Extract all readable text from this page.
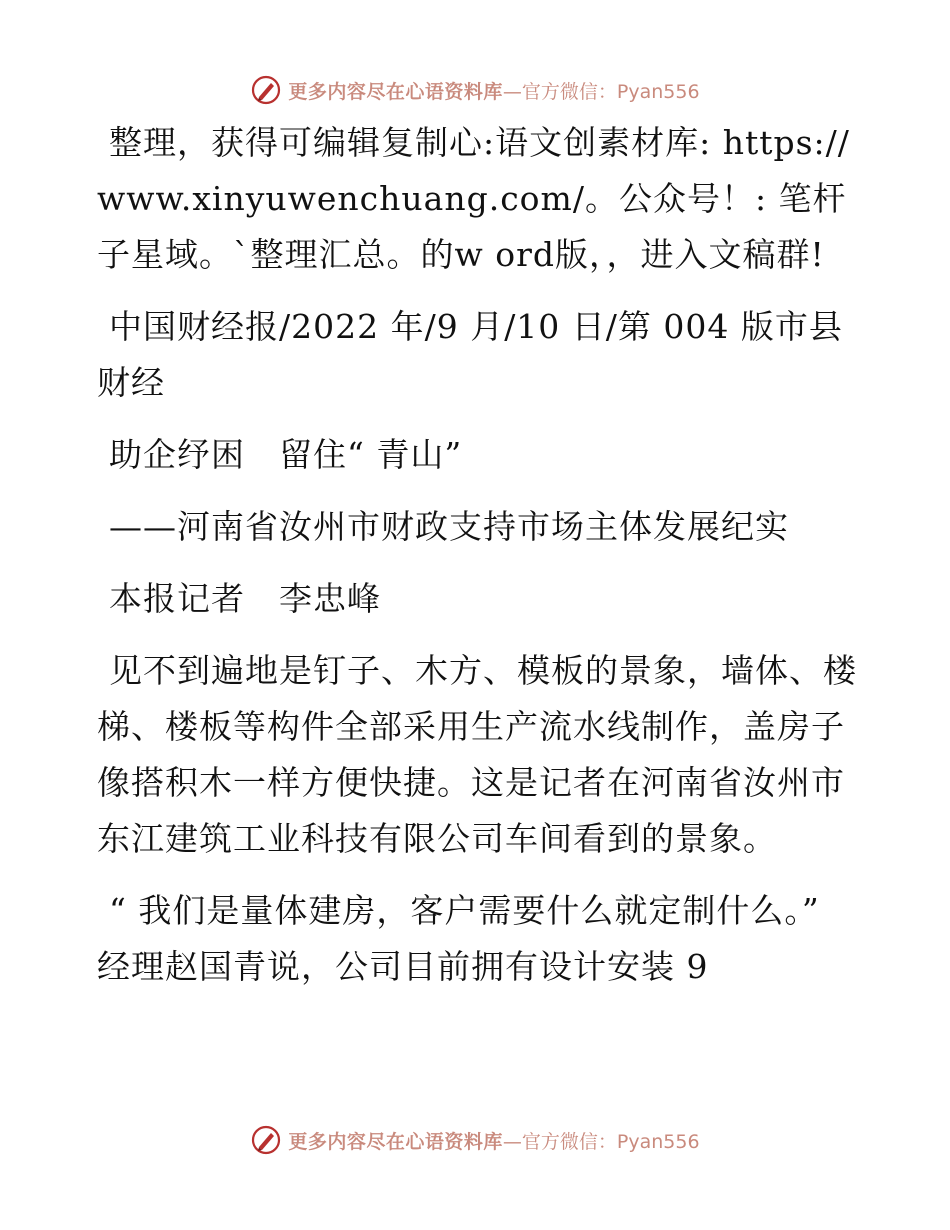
更多内容尽在心语资料库 —官方微信：Pyan556

整理，获得可编辑复制心:语文创素材库: https://www.xinyuwenchuang.com/。公众号！: 笔杆子星域。`整理汇总。的w ord版，，进入文稿群!

中国财经报/2022 年/9 月/10 日/第 004 版市县财经

助企纾困　留住“ 青山”

——河南省汝州市财政支持市场主体发展纪实

本报记者　李忠峰

见不到遍地是钉子、木方、模板的景象，墙体、楼梯、楼板等构件全部采用生产流水线制作，盖房子像搭积木一样方便快捷。这是记者在河南省汝州市东江建筑工业科技有限公司车间看到的景象。

“ 我们是量体建房，客户需要什么就定制什么。” 经理赵国青说，公司目前拥有设计安装 9

更多内容尽在心语资料库 —官方微信：Pyan556
